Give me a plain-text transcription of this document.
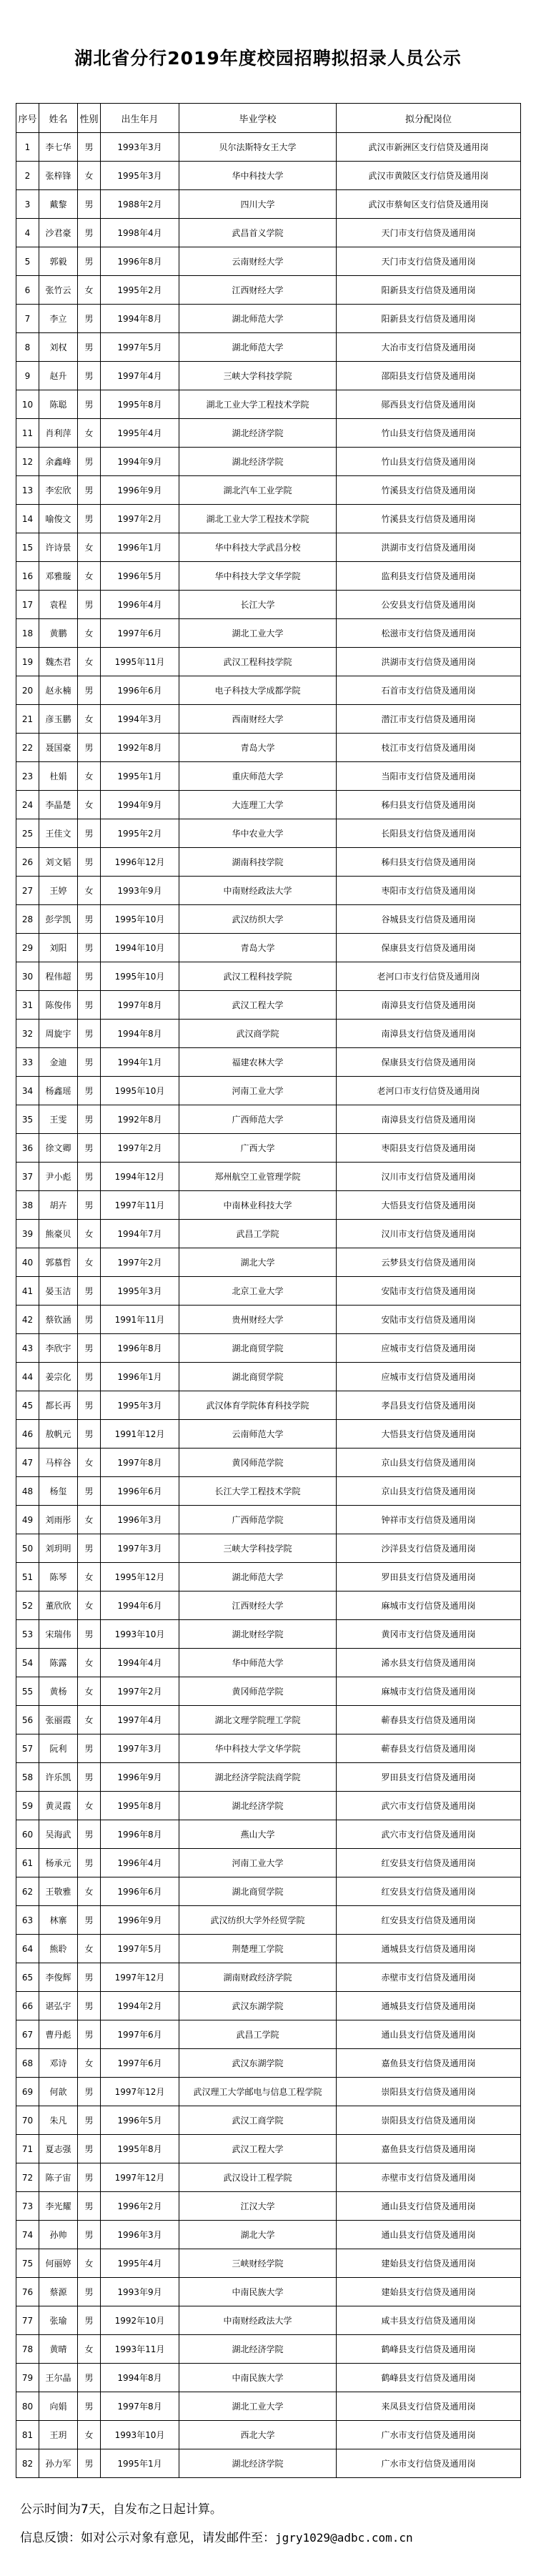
湖北省分行2019年度校园招聘拟招录人员公示
序号	姓名	性别	出生年月	毕业学校	拟分配岗位
1	李七华	男	1993年3月	贝尔法斯特女王大学	武汉市新洲区支行信贷及通用岗
2	张梓锋	女	1995年3月	华中科技大学	武汉市黄陂区支行信贷及通用岗
3	戴黎	男	1988年2月	四川大学	武汉市蔡甸区支行信贷及通用岗
4	沙君豪	男	1998年4月	武昌首义学院	天门市支行信贷及通用岗
5	郭毅	男	1996年8月	云南财经大学	天门市支行信贷及通用岗
6	张竹云	女	1995年2月	江西财经大学	阳新县支行信贷及通用岗
7	李立	男	1994年8月	湖北师范大学	阳新县支行信贷及通用岗
8	刘权	男	1997年5月	湖北师范大学	大冶市支行信贷及通用岗
9	赵升	男	1997年4月	三峡大学科技学院	邵阳县支行信贷及通用岗
10	陈聪	男	1995年8月	湖北工业大学工程技术学院	郧西县支行信贷及通用岗
11	肖利萍	女	1995年4月	湖北经济学院	竹山县支行信贷及通用岗
12	余鑫峰	男	1994年9月	湖北经济学院	竹山县支行信贷及通用岗
13	李宏欣	男	1996年9月	湖北汽车工业学院	竹溪县支行信贷及通用岗
14	喻俊文	男	1997年2月	湖北工业大学工程技术学院	竹溪县支行信贷及通用岗
15	许诗景	女	1996年1月	华中科技大学武昌分校	洪湖市支行信贷及通用岗
16	邓雅璇	女	1996年5月	华中科技大学文华学院	监利县支行信贷及通用岗
17	袁程	男	1996年4月	长江大学	公安县支行信贷及通用岗
18	黄鹏	女	1997年6月	湖北工业大学	松滋市支行信贷及通用岗
19	魏杰君	女	1995年11月	武汉工程科技学院	洪湖市支行信贷及通用岗
20	赵永楠	男	1996年6月	电子科技大学成都学院	石首市支行信贷及通用岗
21	彦玉鹏	女	1994年3月	西南财经大学	潜江市支行信贷及通用岗
22	聂国豪	男	1992年8月	青岛大学	枝江市支行信贷及通用岗
23	杜娟	女	1995年1月	重庆师范大学	当阳市支行信贷及通用岗
24	李晶楚	女	1994年9月	大连理工大学	秭归县支行信贷及通用岗
25	王佳文	男	1995年2月	华中农业大学	长阳县支行信贷及通用岗
26	刘文韬	男	1996年12月	湖南科技学院	秭归县支行信贷及通用岗
27	王婷	女	1993年9月	中南财经政法大学	枣阳市支行信贷及通用岗
28	彭学凯	男	1995年10月	武汉纺织大学	谷城县支行信贷及通用岗
29	刘阳	男	1994年10月	青岛大学	保康县支行信贷及通用岗
30	程伟超	男	1995年10月	武汉工程科技学院	老河口市支行信贷及通用岗
31	陈俊伟	男	1997年8月	武汉工程大学	南漳县支行信贷及通用岗
32	周旋宇	男	1994年8月	武汉商学院	南漳县支行信贷及通用岗
33	金迪	男	1994年1月	福建农林大学	保康县支行信贷及通用岗
34	杨鑫瑶	男	1995年10月	河南工业大学	老河口市支行信贷及通用岗
35	王雯	男	1992年8月	广西师范大学	南漳县支行信贷及通用岗
36	徐文卿	男	1997年2月	广西大学	枣阳县支行信贷及通用岗
37	尹小彪	男	1994年12月	郑州航空工业管理学院	汉川市支行信贷及通用岗
38	胡卉	男	1997年11月	中南林业科技大学	大悟县支行信贷及通用岗
39	熊豪贝	女	1994年7月	武昌工学院	汉川市支行信贷及通用岗
40	郭慕哲	女	1997年2月	湖北大学	云梦县支行信贷及通用岗
41	晏玉洁	男	1995年3月	北京工业大学	安陆市支行信贷及通用岗
42	蔡钦涵	男	1991年11月	贵州财经大学	安陆市支行信贷及通用岗
43	李欣宇	男	1996年8月	湖北商贸学院	应城市支行信贷及通用岗
44	姜宗化	男	1996年1月	湖北商贸学院	应城市支行信贷及通用岗
45	都长再	男	1995年3月	武汉体育学院体育科技学院	孝昌县支行信贷及通用岗
46	敖帆元	男	1991年12月	云南师范大学	大悟县支行信贷及通用岗
47	马梓谷	女	1997年8月	黄冈师范学院	京山县支行信贷及通用岗
48	杨玺	男	1996年6月	长江大学工程技术学院	京山县支行信贷及通用岗
49	刘雨彤	女	1996年3月	广西师范学院	钟祥市支行信贷及通用岗
50	刘玥明	男	1997年3月	三峡大学科技学院	沙洋县支行信贷及通用岗
51	陈琴	女	1995年12月	湖北师范大学	罗田县支行信贷及通用岗
52	董欣欣	女	1994年6月	江西财经大学	麻城市支行信贷及通用岗
53	宋瑞伟	男	1993年10月	湖北财经学院	黄冈市支行信贷及通用岗
54	陈露	女	1994年4月	华中师范大学	浠水县支行信贷及通用岗
55	黄杨	女	1997年2月	黄冈师范学院	麻城市支行信贷及通用岗
56	张丽霞	女	1997年4月	湖北文理学院理工学院	蕲春县支行信贷及通用岗
57	阮利	男	1997年3月	华中科技大学文华学院	蕲春县支行信贷及通用岗
58	许乐凯	男	1996年9月	湖北经济学院法商学院	罗田县支行信贷及通用岗
59	黄灵霞	女	1995年8月	湖北经济学院	武穴市支行信贷及通用岗
60	吴海武	男	1996年8月	燕山大学	武穴市支行信贷及通用岗
61	杨承元	男	1996年4月	河南工业大学	红安县支行信贷及通用岗
62	王敬雅	女	1996年6月	湖北商贸学院	红安县支行信贷及通用岗
63	林寨	男	1996年9月	武汉纺织大学外经贸学院	红安县支行信贷及通用岗
64	熊聆	女	1997年5月	荆楚理工学院	通城县支行信贷及通用岗
65	李俊辉	男	1997年12月	湖南财政经济学院	赤壁市支行信贷及通用岗
66	谌弘宇	男	1994年2月	武汉东湖学院	通城县支行信贷及通用岗
67	曹丹彪	男	1997年6月	武昌工学院	通山县支行信贷及通用岗
68	邓诗	女	1997年6月	武汉东湖学院	嘉鱼县支行信贷及通用岗
69	何歆	男	1997年12月	武汉理工大学邮电与信息工程学院	崇阳县支行信贷及通用岗
70	朱凡	男	1996年5月	武汉工商学院	崇阳县支行信贷及通用岗
71	夏志强	男	1995年8月	武汉工程大学	嘉鱼县支行信贷及通用岗
72	陈子宙	男	1997年12月	武汉设计工程学院	赤壁市支行信贷及通用岗
73	李光耀	男	1996年2月	江汉大学	通山县支行信贷及通用岗
74	孙帅	男	1996年3月	湖北大学	通山县支行信贷及通用岗
75	何丽婷	女	1995年4月	三峡财经学院	建始县支行信贷及通用岗
76	蔡源	男	1993年9月	中南民族大学	建始县支行信贷及通用岗
77	张瑜	男	1992年10月	中南财经政法大学	咸丰县支行信贷及通用岗
78	黄晴	女	1993年11月	湖北经济学院	鹤峰县支行信贷及通用岗
79	王尔晶	男	1994年8月	中南民族大学	鹤峰县支行信贷及通用岗
80	向娟	男	1997年8月	湖北工业大学	来凤县支行信贷及通用岗
81	王玥	女	1993年10月	西北大学	广水市支行信贷及通用岗
82	孙力军	男	1995年1月	湖北经济学院	广水市支行信贷及通用岗
公示时间为7天，自发布之日起计算。
信息反馈：如对公示对象有意见，请发邮件至：jgry1029@adbc.com.cn
